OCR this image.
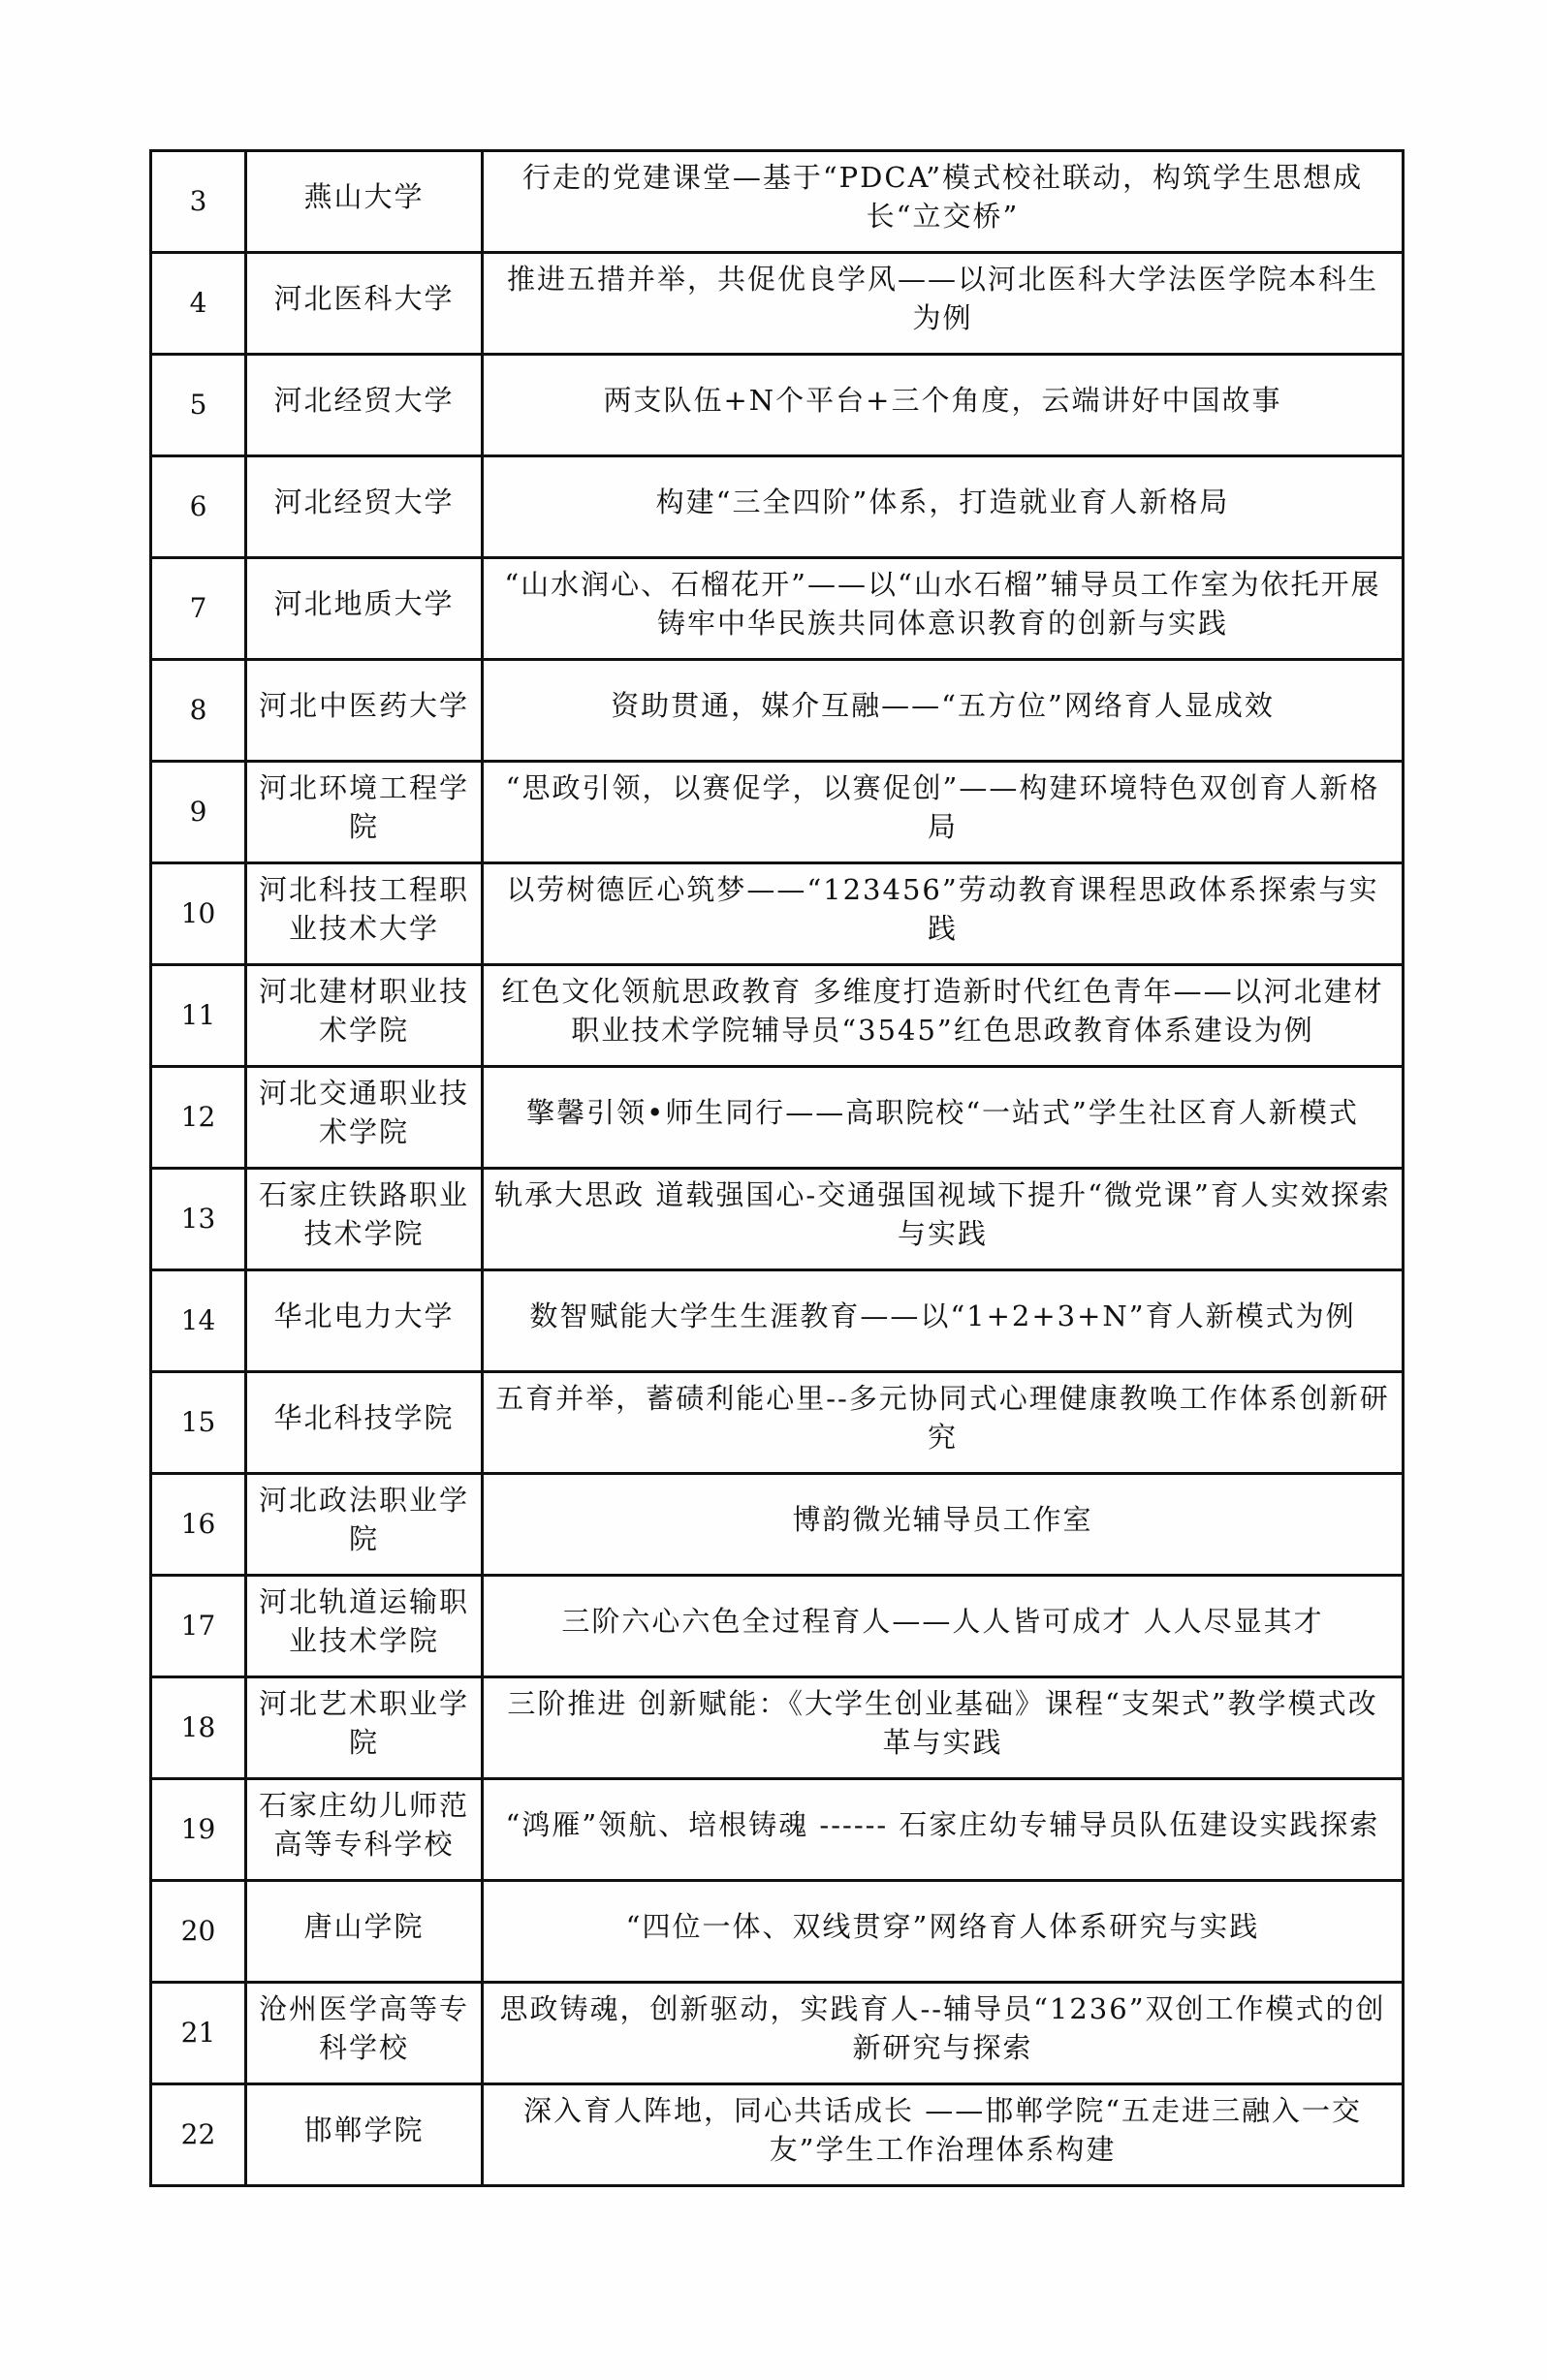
3	燕山大学	行走的党建课堂—基于“PDCA”模式校社联动，构筑学生思想成长“立交桥”
4	河北医科大学	推进五措并举，共促优良学风——以河北医科大学法医学院本科生为例
5	河北经贸大学	两支队伍+N个平台+三个角度，云端讲好中国故事
6	河北经贸大学	构建“三全四阶”体系，打造就业育人新格局
7	河北地质大学	“山水润心、石榴花开”——以“山水石榴”辅导员工作室为依托开展铸牢中华民族共同体意识教育的创新与实践
8	河北中医药大学	资助贯通，媒介互融——“五方位”网络育人显成效
9	河北环境工程学院	“思政引领，以赛促学，以赛促创”——构建环境特色双创育人新格局
10	河北科技工程职业技术大学	以劳树德匠心筑梦——“123456”劳动教育课程思政体系探索与实践
11	河北建材职业技术学院	红色文化领航思政教育 多维度打造新时代红色青年——以河北建材职业技术学院辅导员“3545”红色思政教育体系建设为例
12	河北交通职业技术学院	擎馨引领•师生同行——高职院校“一站式”学生社区育人新模式
13	石家庄铁路职业技术学院	轨承大思政 道载强国心-交通强国视域下提升“微党课”育人实效探索与实践
14	华北电力大学	数智赋能大学生生涯教育——以“1+2+3+N”育人新模式为例
15	华北科技学院	五育并举，蓄碛利能心里--多元协同式心理健康教唤工作体系创新研究
16	河北政法职业学院	博韵微光辅导员工作室
17	河北轨道运输职业技术学院	三阶六心六色全过程育人——人人皆可成才 人人尽显其才
18	河北艺术职业学院	三阶推进 创新赋能：《大学生创业基础》课程“支架式”教学模式改革与实践
19	石家庄幼儿师范高等专科学校	“鸿雁”领航、培根铸魂 ------ 石家庄幼专辅导员队伍建设实践探索
20	唐山学院	“四位一体、双线贯穿”网络育人体系研究与实践
21	沧州医学高等专科学校	思政铸魂，创新驱动，实践育人--辅导员“1236”双创工作模式的创新研究与探索
22	邯郸学院	深入育人阵地，同心共话成长 ——邯郸学院“五走进三融入一交友”学生工作治理体系构建
